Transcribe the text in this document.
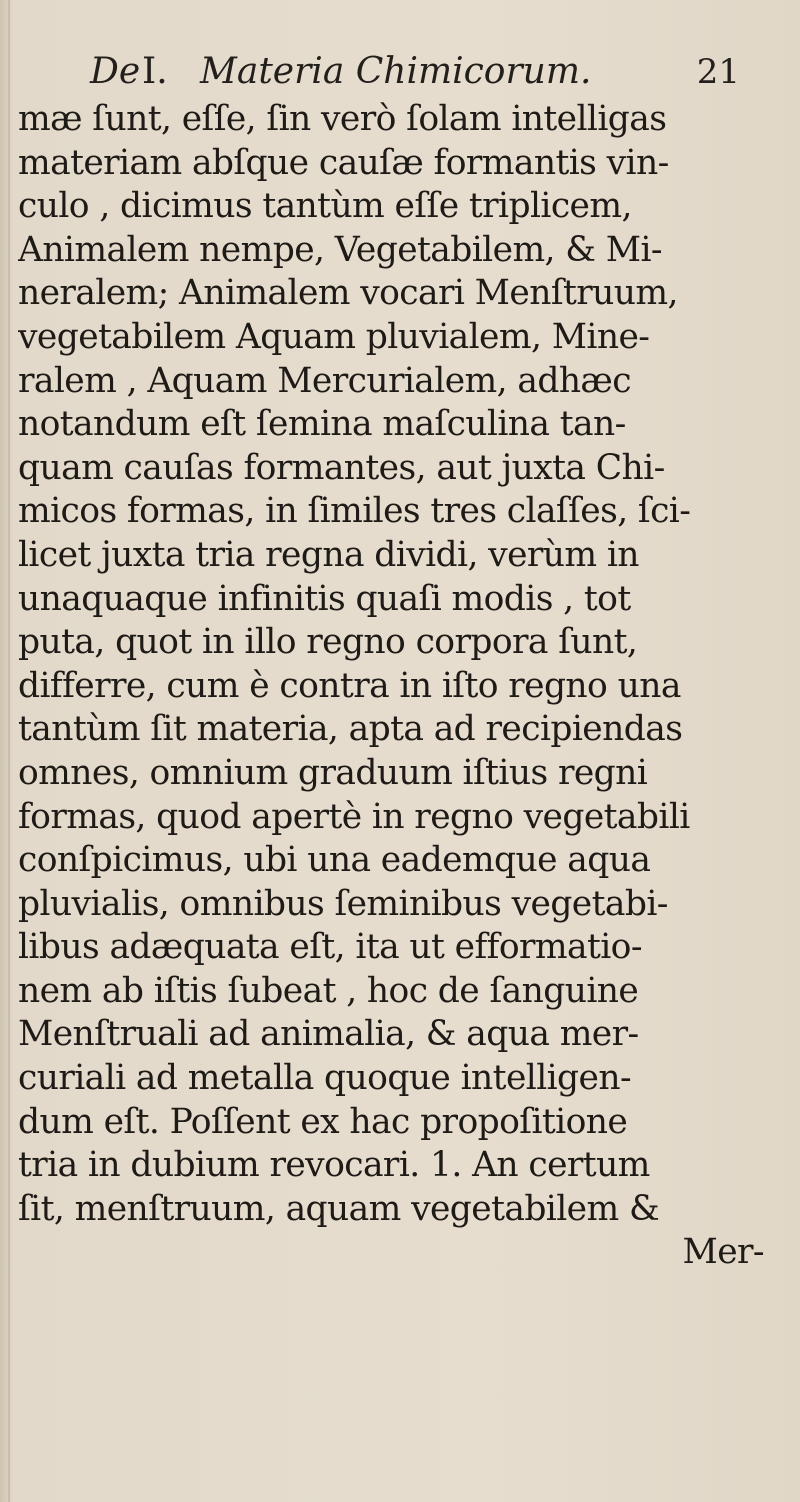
De I. Materia Chimicorum.	21
mæ ſunt, eſſe, ſin verò ſolam intelligas
materiam abſque cauſæ formantis vin-
culo , dicimus tantùm eſſe triplicem,
Animalem nempe, Vegetabilem, & Mi-
neralem; Animalem vocari Menſtruum,
vegetabilem Aquam pluvialem, Mine-
ralem , Aquam Mercurialem, adhæc
notandum eſt ſemina maſculina tan-
quam cauſas formantes, aut juxta Chi-
micos formas, in ſimiles tres claſſes, ſci-
licet juxta tria regna dividi, verùm in
unaquaque infinitis quaſi modis , tot
puta, quot in illo regno corpora ſunt,
differre, cum è contra in iſto regno una
tantùm ſit materia, apta ad recipiendas
omnes, omnium graduum iſtius regni
formas, quod apertè in regno vegetabili
conſpicimus, ubi una eademque aqua
pluvialis, omnibus ſeminibus vegetabi-
libus adæquata eſt, ita ut efformatio-
nem ab iſtis ſubeat , hoc de ſanguine
Menſtruali ad animalia, & aqua mer-
curiali ad metalla quoque intelligen-
dum eſt. Poſſent ex hac propoſitione
tria in dubium revocari. 1. An certum
ſit, menſtruum, aquam vegetabilem &
Mer-
